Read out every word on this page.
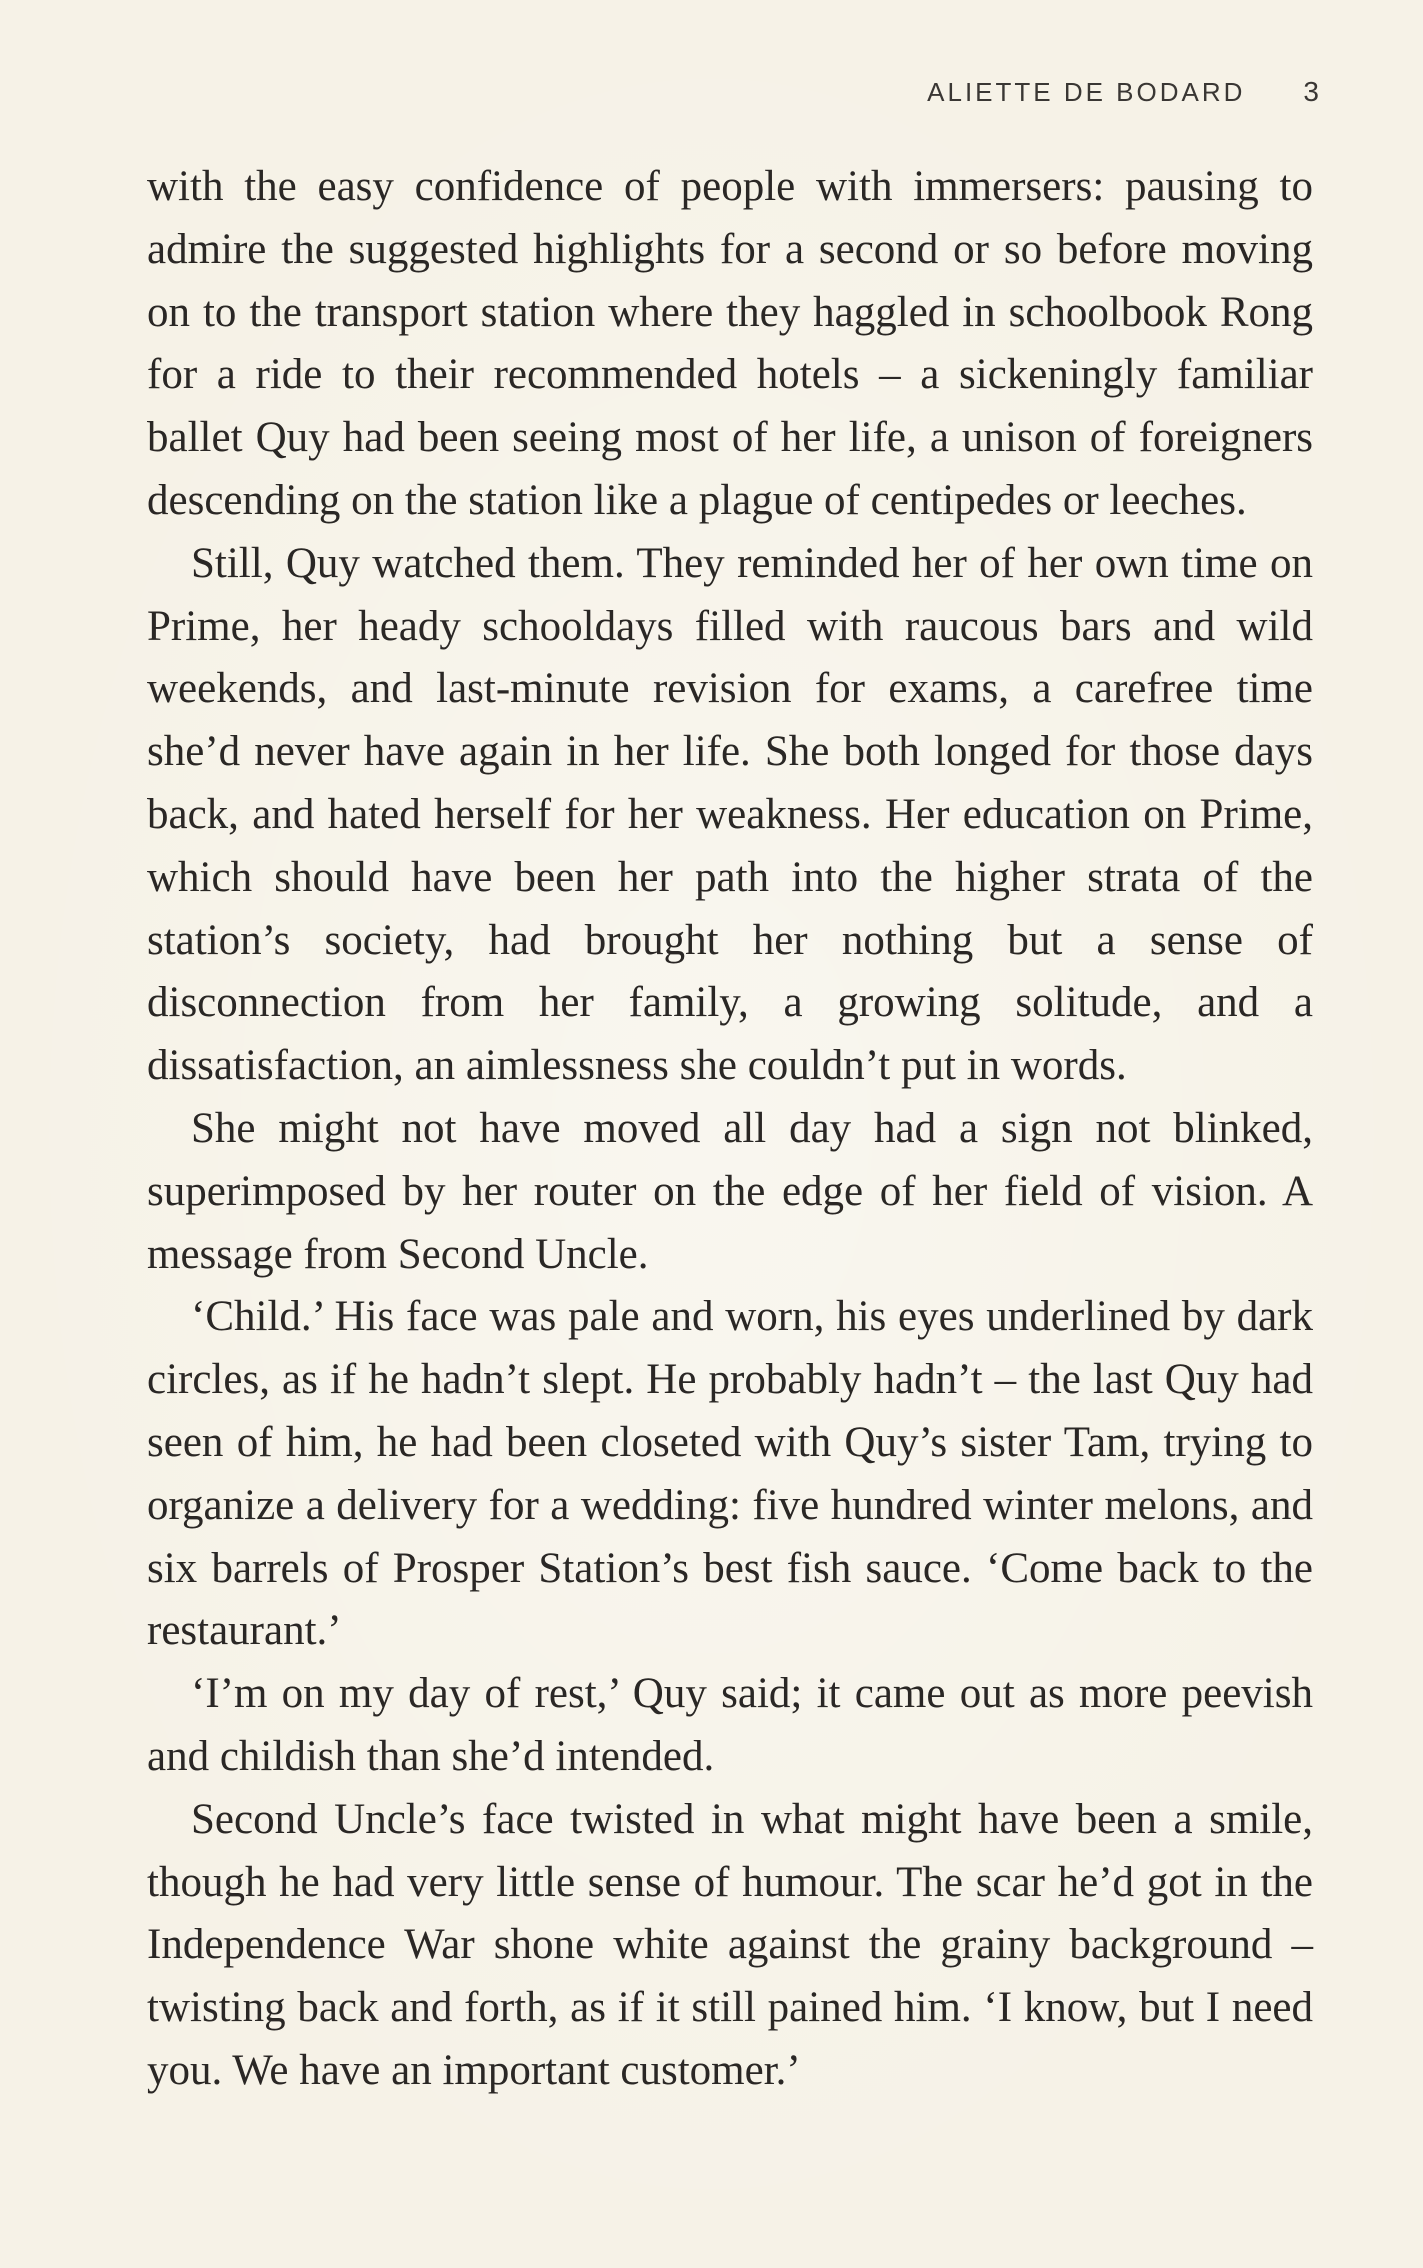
ALIETTE DE BODARD 3

with the easy confidence of people with immersers: pausing to admire the suggested highlights for a second or so before moving on to the transport station where they haggled in schoolbook Rong for a ride to their recommended hotels – a sickeningly familiar ballet Quy had been seeing most of her life, a unison of foreigners descending on the station like a plague of centipedes or leeches.

Still, Quy watched them. They reminded her of her own time on Prime, her heady schooldays filled with raucous bars and wild weekends, and last-minute revision for exams, a carefree time she’d never have again in her life. She both longed for those days back, and hated herself for her weakness. Her education on Prime, which should have been her path into the higher strata of the station’s society, had brought her nothing but a sense of disconnection from her family, a growing solitude, and a dissatisfaction, an aimlessness she couldn’t put in words.

She might not have moved all day had a sign not blinked, superimposed by her router on the edge of her field of vision. A message from Second Uncle.

‘Child.’ His face was pale and worn, his eyes underlined by dark circles, as if he hadn’t slept. He probably hadn’t – the last Quy had seen of him, he had been closeted with Quy’s sister Tam, trying to organize a delivery for a wedding: five hundred winter melons, and six barrels of Prosper Station’s best fish sauce. ‘Come back to the restaurant.’

‘I’m on my day of rest,’ Quy said; it came out as more peevish and childish than she’d intended.

Second Uncle’s face twisted in what might have been a smile, though he had very little sense of humour. The scar he’d got in the Independence War shone white against the grainy background – twisting back and forth, as if it still pained him. ‘I know, but I need you. We have an important customer.’
